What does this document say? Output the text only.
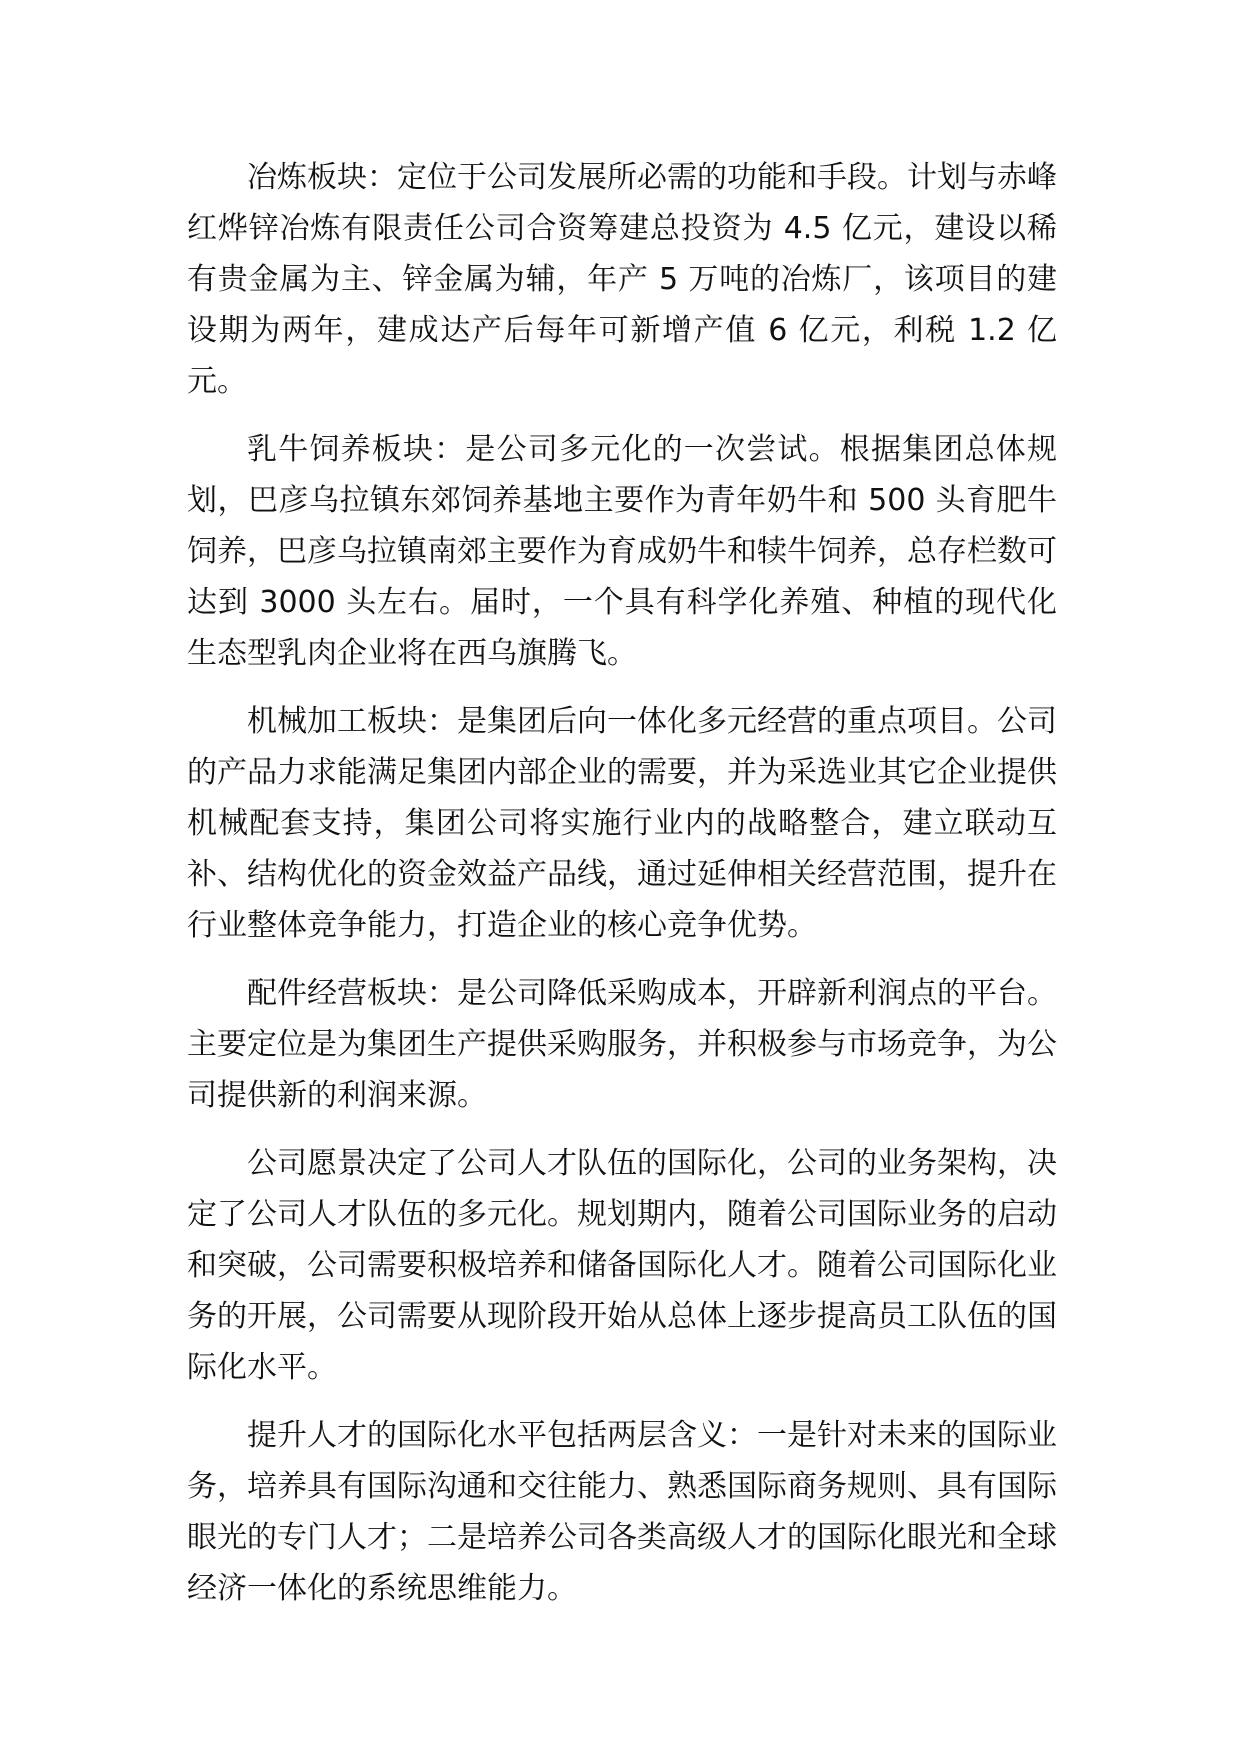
冶炼板块：定位于公司发展所必需的功能和手段。计划与赤峰红烨锌冶炼有限责任公司合资筹建总投资为 4.5 亿元，建设以稀有贵金属为主、锌金属为辅，年产 5 万吨的冶炼厂，该项目的建设期为两年，建成达产后每年可新增产值 6 亿元，利税 1.2 亿元。

乳牛饲养板块：是公司多元化的一次尝试。根据集团总体规划，巴彦乌拉镇东郊饲养基地主要作为青年奶牛和 500 头育肥牛饲养，巴彦乌拉镇南郊主要作为育成奶牛和犊牛饲养，总存栏数可达到 3000 头左右。届时，一个具有科学化养殖、种植的现代化生态型乳肉企业将在西乌旗腾飞。

机械加工板块：是集团后向一体化多元经营的重点项目。公司的产品力求能满足集团内部企业的需要，并为采选业其它企业提供机械配套支持，集团公司将实施行业内的战略整合，建立联动互补、结构优化的资金效益产品线，通过延伸相关经营范围，提升在行业整体竞争能力，打造企业的核心竞争优势。

配件经营板块：是公司降低采购成本，开辟新利润点的平台。主要定位是为集团生产提供采购服务，并积极参与市场竞争，为公司提供新的利润来源。

公司愿景决定了公司人才队伍的国际化，公司的业务架构，决定了公司人才队伍的多元化。规划期内，随着公司国际业务的启动和突破，公司需要积极培养和储备国际化人才。随着公司国际化业务的开展，公司需要从现阶段开始从总体上逐步提高员工队伍的国际化水平。

提升人才的国际化水平包括两层含义：一是针对未来的国际业务，培养具有国际沟通和交往能力、熟悉国际商务规则、具有国际眼光的专门人才；二是培养公司各类高级人才的国际化眼光和全球经济一体化的系统思维能力。
